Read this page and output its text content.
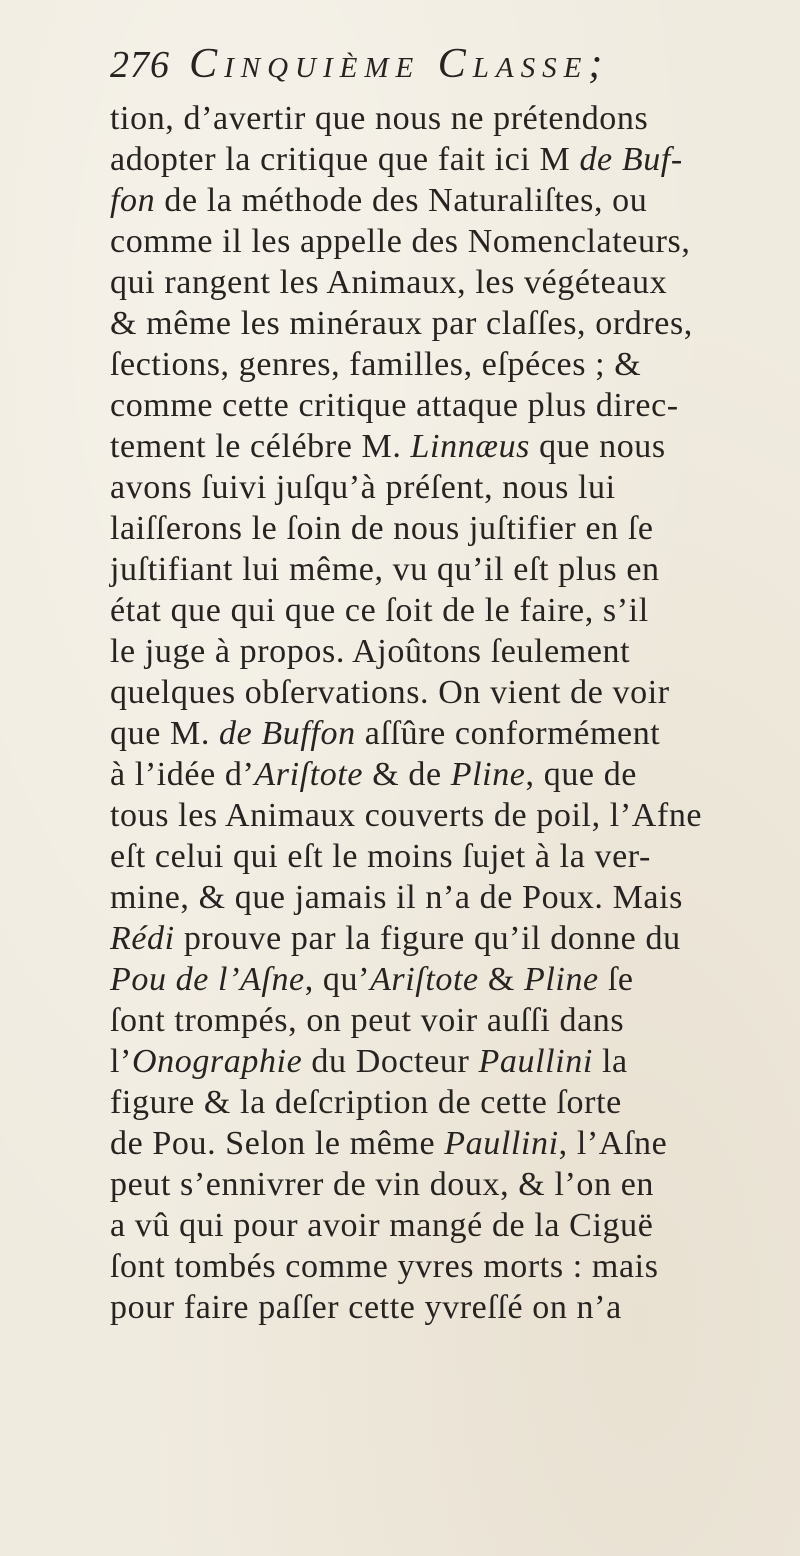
276 Cinquième Classe;
tion, d’avertir que nous ne prétendons
adopter la critique que fait ici M de Buf-
fon de la méthode des Naturaliſtes, ou
comme il les appelle des Nomenclateurs,
qui rangent les Animaux, les végéteaux
& même les minéraux par claſſes, ordres,
ſections, genres, familles, eſpéces ; &
comme cette critique attaque plus direc-
tement le célébre M. Linnæus que nous
avons ſuivi juſqu’à préſent, nous lui
laiſſerons le ſoin de nous juſtifier en ſe
juſtifiant lui même, vu qu’il eſt plus en
état que qui que ce ſoit de le faire, s’il
le juge à propos. Ajoûtons ſeulement
quelques obſervations. On vient de voir
que M. de Buffon aſſûre conformément
à l’idée d’Ariſtote & de Pline, que de
tous les Animaux couverts de poil, l’Afne
eſt celui qui eſt le moins ſujet à la ver-
mine, & que jamais il n’a de Poux. Mais
Rédi prouve par la figure qu’il donne du
Pou de l’Aſne, qu’Ariſtote & Pline ſe
ſont trompés, on peut voir auſſi dans
l’Onographie du Docteur Paullini la
figure & la deſcription de cette ſorte
de Pou. Selon le même Paullini, l’Aſne
peut s’ennivrer de vin doux, & l’on en
a vû qui pour avoir mangé de la Ciguë
ſont tombés comme yvres morts : mais
pour faire paſſer cette yvreſſé on n’a
